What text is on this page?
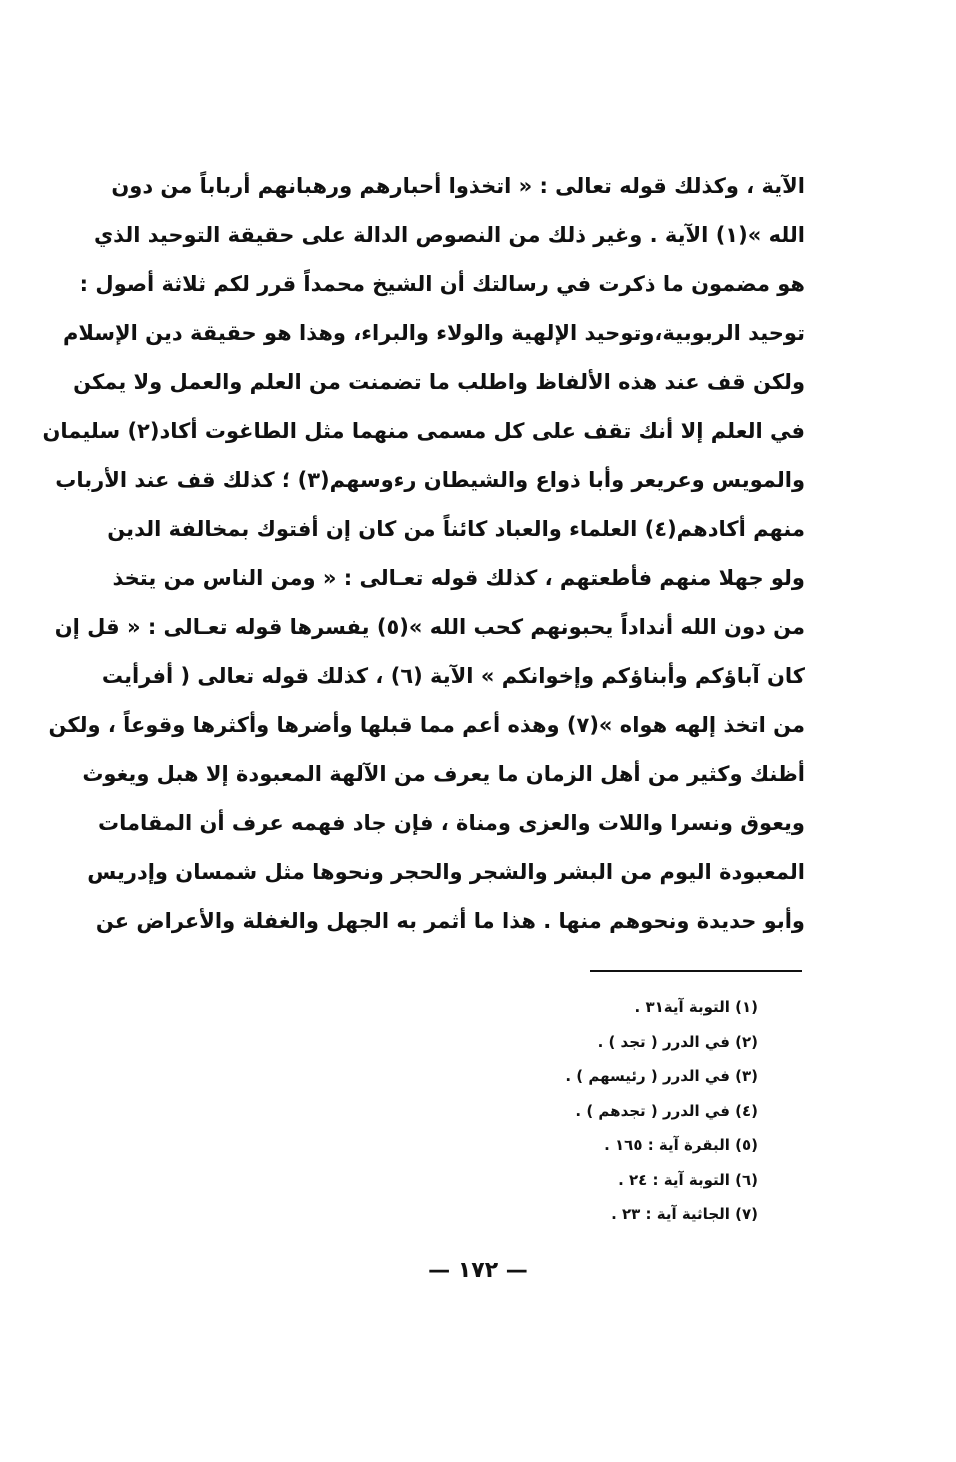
الآية ، وكذلك قوله تعالى : « اتخذوا أحبارهم ورهبانهم أرباباً من دون
الله »(١) الآية . وغير ذلك من النصوص الدالة على حقيقة التوحيد الذي
هو مضمون ما ذكرت في رسالتك أن الشيخ محمداً قرر لكم ثلاثة أصول :
توحيد الربوبية،وتوحيد الإلهية والولاء والبراء، وهذا هو حقيقة دين الإسلام
ولكن قف عند هذه الألفاظ واطلب ما تضمنت من العلم والعمل ولا يمكن
في العلم إلا أنك تقف على كل مسمى منهما مثل الطاغوت أكاد(٢) سليمان
والمويس وعريعر وأبا ذواع والشيطان رءوسهم(٣) ؛ كذلك قف عند الأرباب
منهم أكادهم(٤) العلماء والعباد كائناً من كان إن أفتوك بمخالفة الدين
ولو جهلا منهم فأطعتهم ، كذلك قوله تعـالى : « ومن الناس من يتخذ
من دون الله أنداداً يحبونهم كحب الله »(٥) يفسرها قوله تعـالى : « قل إن
كان آباؤكم وأبناؤكم وإخوانكم » الآية (٦) ، كذلك قوله تعالى ( أفرأيت
من اتخذ إلهه هواه »(٧) وهذه أعم مما قبلها وأضرها وأكثرها وقوعاً ، ولكن
أظنك وكثير من أهل الزمان ما يعرف من الآلهة المعبودة إلا هبل ويغوث
ويعوق ونسرا واللات والعزى ومناة ، فإن جاد فهمه عرف أن المقامات
المعبودة اليوم من البشر والشجر والحجر ونحوها مثل شمسان وإدريس
وأبو حديدة ونحوهم منها . هذا ما أثمر به الجهل والغفلة والأعراض عن
(١) التوبة آية٣١ .
(٢) في الدرر ( تجد ) .
(٣) في الدرر ( رئيسهم ) .
(٤) في الدرر ( تجدهم ) .
(٥) البقرة آية : ١٦٥ .
(٦) التوبة آية : ٢٤ .
(٧) الجاثية آية : ٢٣ .
— ١٧٢ —
